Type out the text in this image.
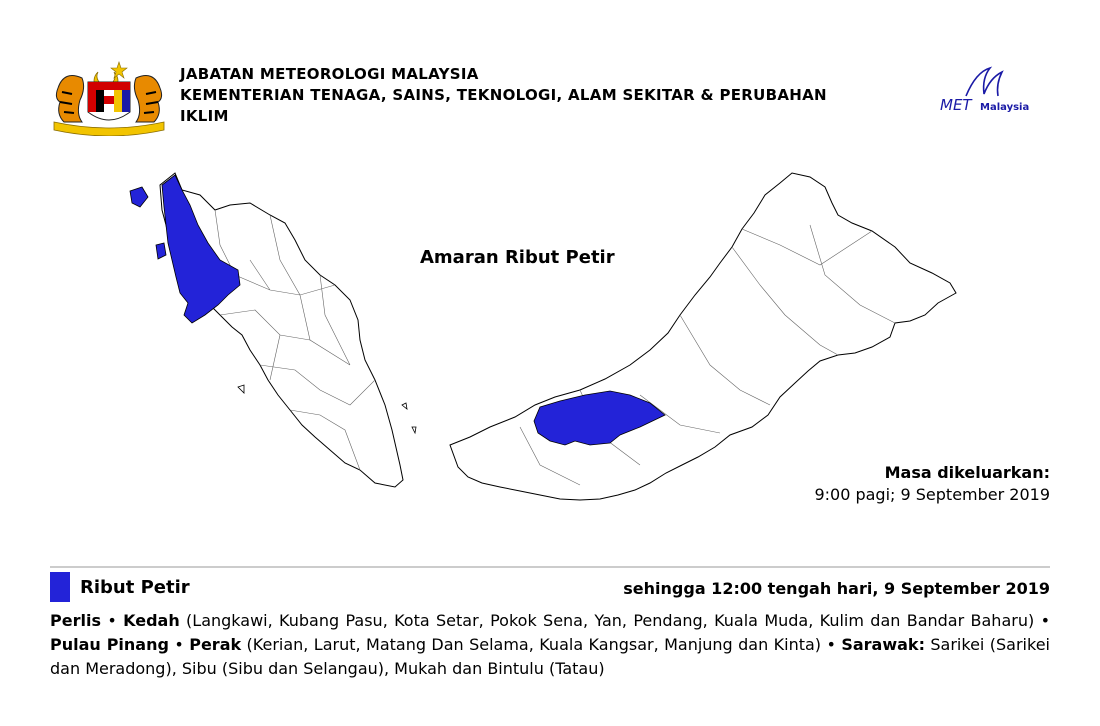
JABATAN METEOROLOGI MALAYSIA
KEMENTERIAN TENAGA, SAINS, TEKNOLOGI, ALAM SEKITAR & PERUBAHAN
IKLIM
MET Malaysia
Amaran Ribut Petir
Masa dikeluarkan:
9:00 pagi; 9 September 2019
Ribut Petir	sehingga 12:00 tengah hari, 9 September 2019
Perlis • Kedah (Langkawi, Kubang Pasu, Kota Setar, Pokok Sena, Yan, Pendang, Kuala Muda, Kulim dan Bandar Baharu) • Pulau Pinang • Perak (Kerian, Larut, Matang Dan Selama, Kuala Kangsar, Manjung dan Kinta) • Sarawak: Sarikei (Sarikei dan Meradong), Sibu (Sibu dan Selangau), Mukah dan Bintulu (Tatau)
